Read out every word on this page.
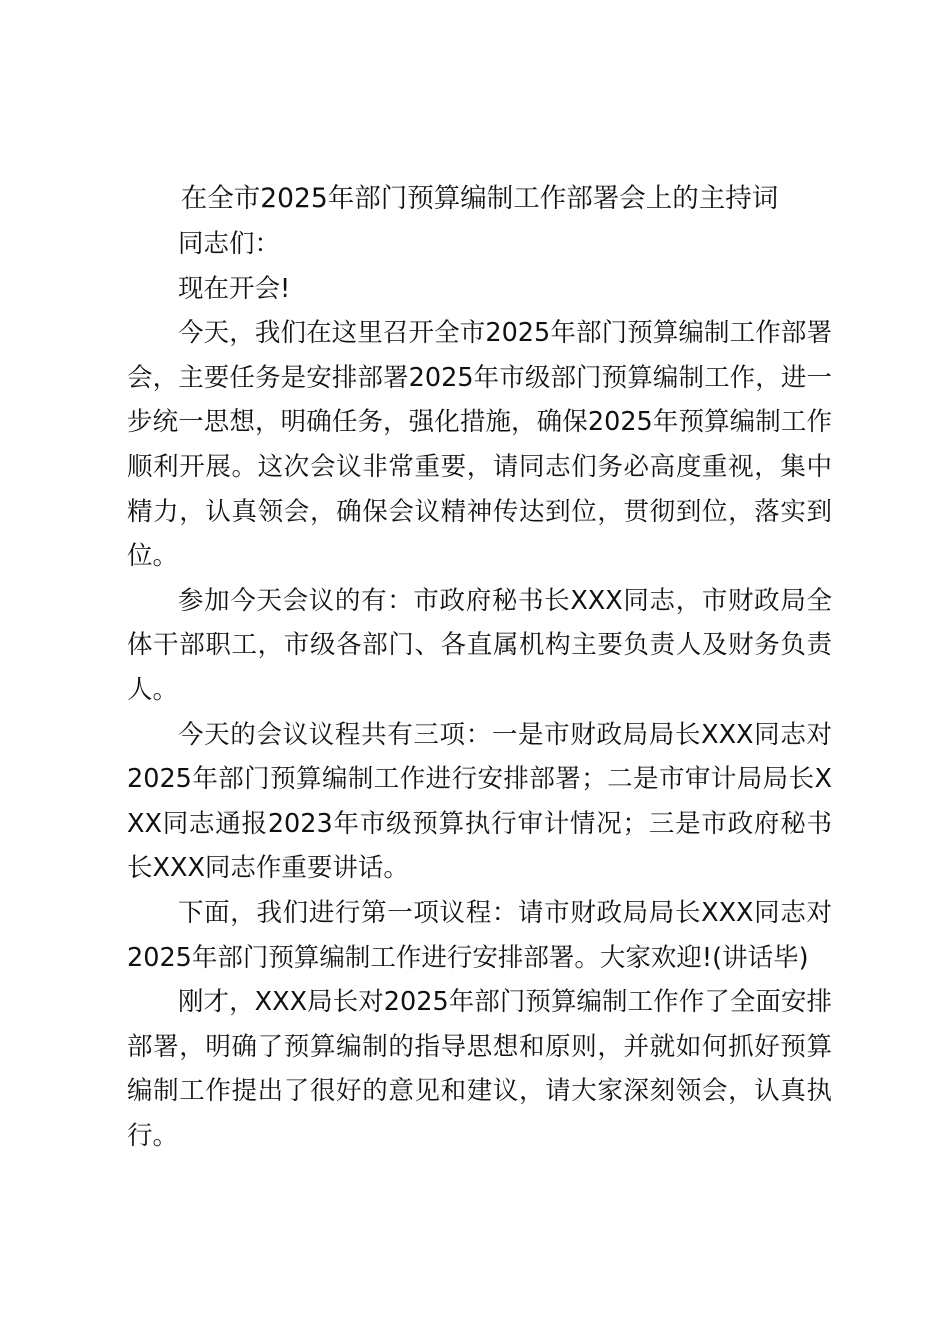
在全市2025年部门预算编制工作部署会上的主持词

同志们：

现在开会!

今天，我们在这里召开全市2025年部门预算编制工作部署会，主要任务是安排部署2025年市级部门预算编制工作，进一步统一思想，明确任务，强化措施，确保2025年预算编制工作顺利开展。这次会议非常重要，请同志们务必高度重视，集中精力，认真领会，确保会议精神传达到位，贯彻到位，落实到位。

参加今天会议的有：市政府秘书长XXX同志，市财政局全体干部职工，市级各部门、各直属机构主要负责人及财务负责人。

今天的会议议程共有三项：一是市财政局局长XXX同志对2025年部门预算编制工作进行安排部署；二是市审计局局长XXX同志通报2023年市级预算执行审计情况；三是市政府秘书长XXX同志作重要讲话。

下面，我们进行第一项议程：请市财政局局长XXX同志对2025年部门预算编制工作进行安排部署。大家欢迎!(讲话毕)

刚才，XXX局长对2025年部门预算编制工作作了全面安排部署，明确了预算编制的指导思想和原则，并就如何抓好预算编制工作提出了很好的意见和建议，请大家深刻领会，认真执行。
